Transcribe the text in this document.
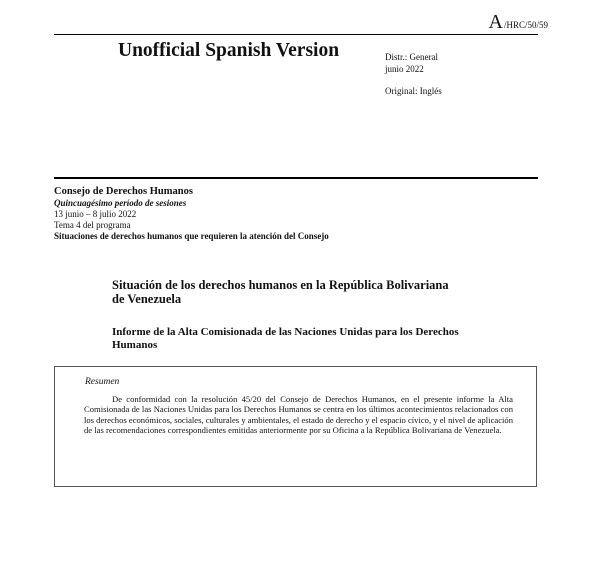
A /HRC/50/59
Unofficial Spanish Version	Distr.: General
junio 2022
Original: Inglés
Consejo de Derechos Humanos
Quincuagésimo período de sesiones
13 junio – 8 julio 2022
Tema 4 del programa
Situaciones de derechos humanos que requieren la atención del Consejo
Situación de los derechos humanos en la República Bolivariana de Venezuela
Informe de la Alta Comisionada de las Naciones Unidas para los Derechos Humanos
Resumen

De conformidad con la resolución 45/20 del Consejo de Derechos Humanos, en el presente informe la Alta Comisionada de las Naciones Unidas para los Derechos Humanos se centra en los últimos acontecimientos relacionados con los derechos económicos, sociales, culturales y ambientales, el estado de derecho y el espacio cívico, y el nivel de aplicación de las recomendaciones correspondientes emitidas anteriormente por su Oficina a la República Bolivariana de Venezuela.
